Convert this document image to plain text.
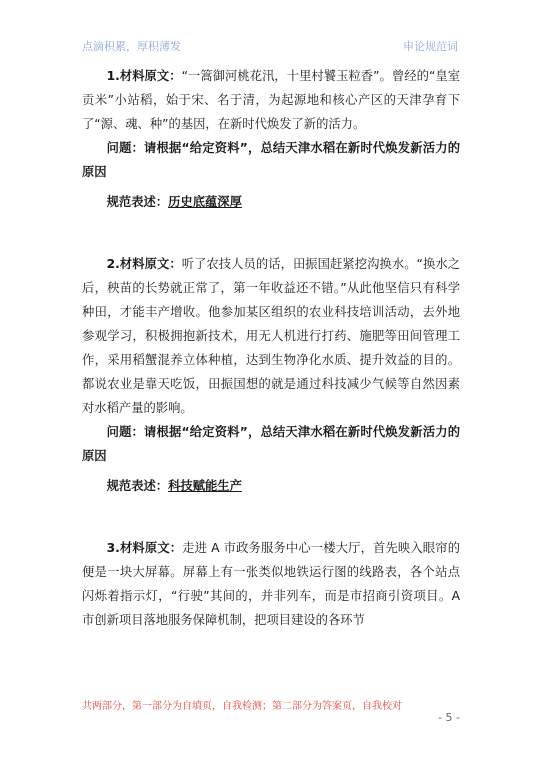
点滴积累，厚积薄发	申论规范词

1.材料原文：“一篙御河桃花汛，十里村饕玉粒香”。曾经的“皇室贡米”小站稻，始于宋、名于清，为起源地和核心产区的天津孕育下了“源、魂、种”的基因，在新时代焕发了新的活力。

问题：请根据“给定资料”，总结天津水稻在新时代焕发新活力的原因

规范表述：历史底蕴深厚

2.材料原文：听了农技人员的话，田振国赶紧挖沟换水。“换水之后，秧苗的长势就正常了，第一年收益还不错。”从此他坚信只有科学种田，才能丰产增收。他参加某区组织的农业科技培训活动，去外地参观学习，积极拥抱新技术，用无人机进行打药、施肥等田间管理工作，采用稻蟹混养立体种植，达到生物净化水质、提升效益的目的。都说农业是靠天吃饭，田振国想的就是通过科技减少气候等自然因素对水稻产量的影响。

问题：请根据“给定资料”，总结天津水稻在新时代焕发新活力的原因

规范表述：科技赋能生产

3.材料原文：走进 A 市政务服务中心一楼大厅，首先映入眼帘的便是一块大屏幕。屏幕上有一张类似地铁运行图的线路表，各个站点闪烁着指示灯，“行驶”其间的，并非列车，而是市招商引资项目。A 市创新项目落地服务保障机制，把项目建设的各环节

共两部分，第一部分为自填页，自我检测；第二部分为答案页，自我校对
- 5 -
